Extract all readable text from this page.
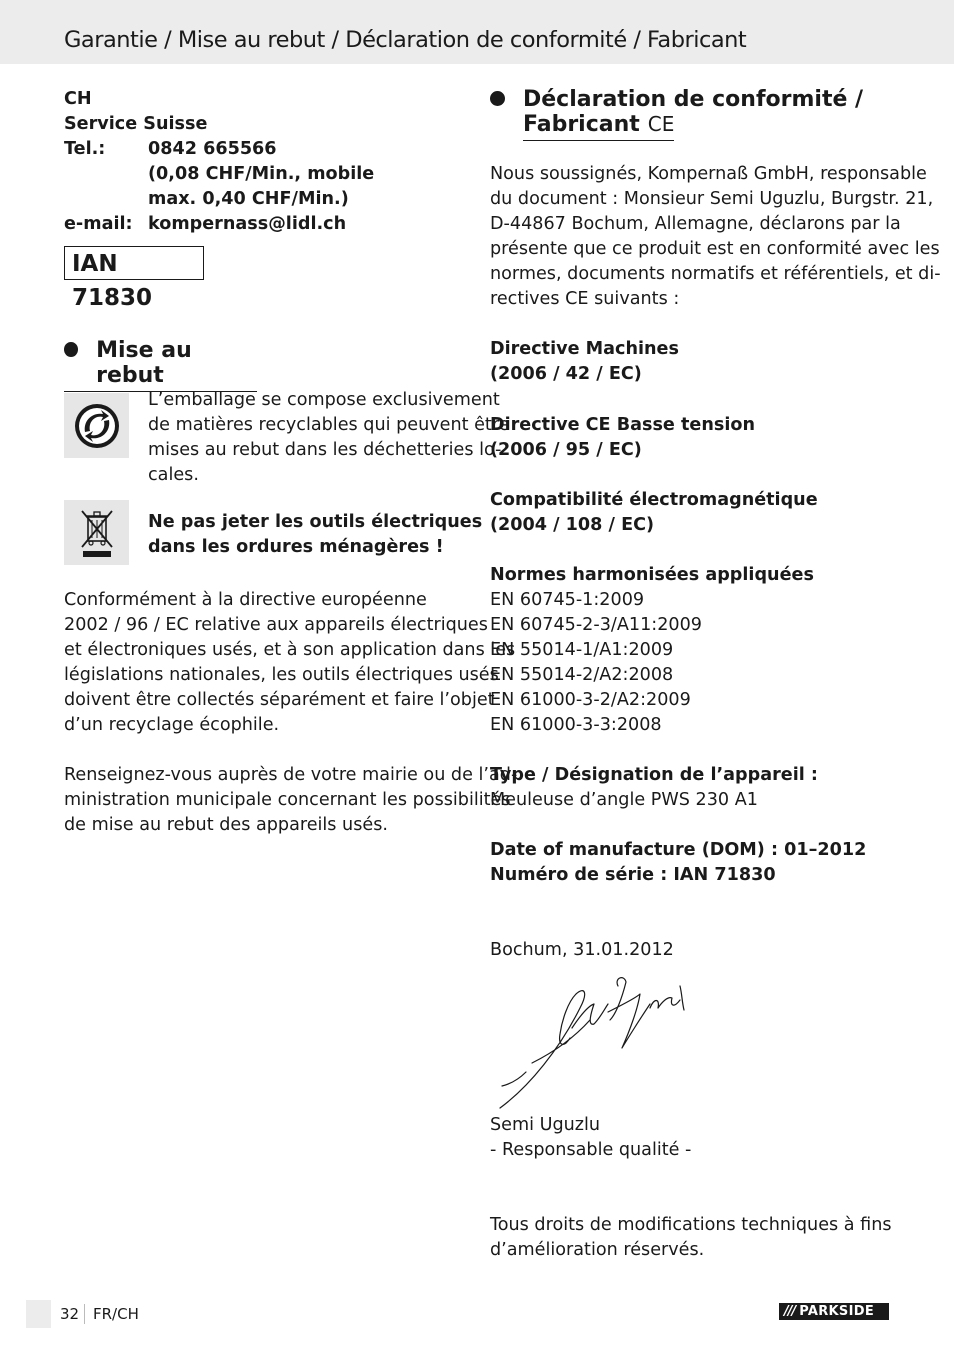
Garantie / Mise au rebut / Déclaration de conformité / Fabricant
CH
Service Suisse
Tel.:	0842 665566
(0,08 CHF/Min., mobile
max. 0,40 CHF/Min.)
e-mail: kompernass@lidl.ch
IAN 71830
Mise au rebut
L’emballage se compose exclusivement
de matières recyclables qui peuvent être
mises au rebut dans les déchetteries lo-
cales.
Ne pas jeter les outils électriques
dans les ordures ménagères !
Conformément à la directive européenne
2002 / 96 / EC relative aux appareils électriques
et électroniques usés, et à son application dans les
législations nationales, les outils électriques usés
doivent être collectés séparément et faire l’objet
d’un recyclage écophile.
Renseignez-vous auprès de votre mairie ou de l’ad-
ministration municipale concernant les possibilités
de mise au rebut des appareils usés.
Déclaration de conformité /
Fabricant CE
Nous soussignés, Kompernaß GmbH, responsable
du document : Monsieur Semi Uguzlu, Burgstr. 21,
D-44867 Bochum, Allemagne, déclarons par la
présente que ce produit est en conformité avec les
normes, documents normatifs et référentiels, et di-
rectives CE suivants :
Directive Machines
(2006 / 42 / EC)
Directive CE Basse tension
(2006 / 95 / EC)
Compatibilité électromagnétique
(2004 / 108 / EC)
Normes harmonisées appliquées
EN 60745-1:2009
EN 60745-2-3/A11:2009
EN 55014-1/A1:2009
EN 55014-2/A2:2008
EN 61000-3-2/A2:2009
EN 61000-3-3:2008
Type / Désignation de l’appareil :
Meuleuse d’angle PWS 230 A1
Date of manufacture (DOM) : 01–2012
Numéro de série : IAN 71830
Bochum, 31.01.2012
Semi Uguzlu
- Responsable qualité -
Tous droits de modifications techniques à fins
d’amélioration réservés.
32 FR/CH	/// PARKSIDE
